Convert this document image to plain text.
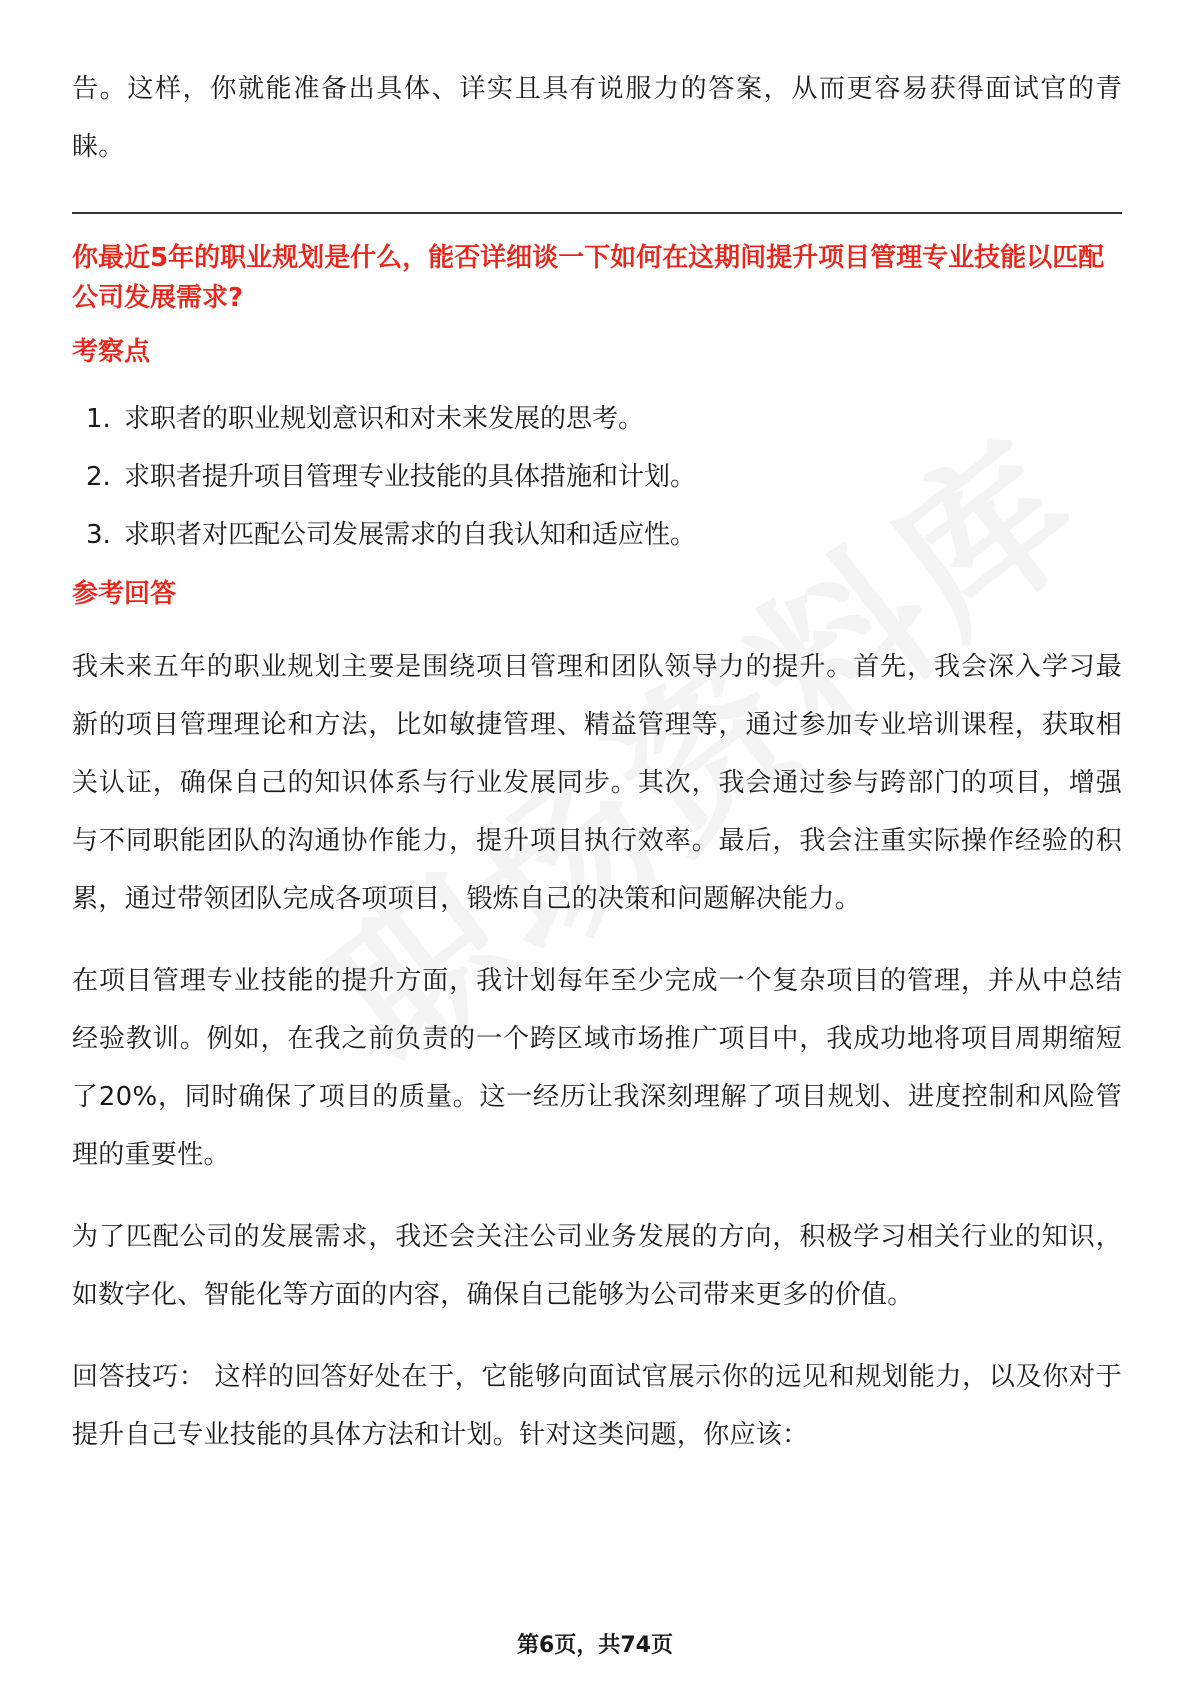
告。这样，你就能准备出具体、详实且具有说服力的答案，从而更容易获得面试官的青睐。

你最近5年的职业规划是什么，能否详细谈一下如何在这期间提升项目管理专业技能以匹配公司发展需求?

考察点

1. 求职者的职业规划意识和对未来发展的思考。
2. 求职者提升项目管理专业技能的具体措施和计划。
3. 求职者对匹配公司发展需求的自我认知和适应性。

参考回答

我未来五年的职业规划主要是围绕项目管理和团队领导力的提升。首先，我会深入学习最新的项目管理理论和方法，比如敏捷管理、精益管理等，通过参加专业培训课程，获取相关认证，确保自己的知识体系与行业发展同步。其次，我会通过参与跨部门的项目，增强与不同职能团队的沟通协作能力，提升项目执行效率。最后，我会注重实际操作经验的积累，通过带领团队完成各项项目，锻炼自己的决策和问题解决能力。

在项目管理专业技能的提升方面，我计划每年至少完成一个复杂项目的管理，并从中总结经验教训。例如，在我之前负责的一个跨区域市场推广项目中，我成功地将项目周期缩短了20%，同时确保了项目的质量。这一经历让我深刻理解了项目规划、进度控制和风险管理的重要性。

为了匹配公司的发展需求，我还会关注公司业务发展的方向，积极学习相关行业的知识，如数字化、智能化等方面的内容，确保自己能够为公司带来更多的价值。

回答技巧： 这样的回答好处在于，它能够向面试官展示你的远见和规划能力，以及你对于提升自己专业技能的具体方法和计划。针对这类问题，你应该：

第6页，共74页
